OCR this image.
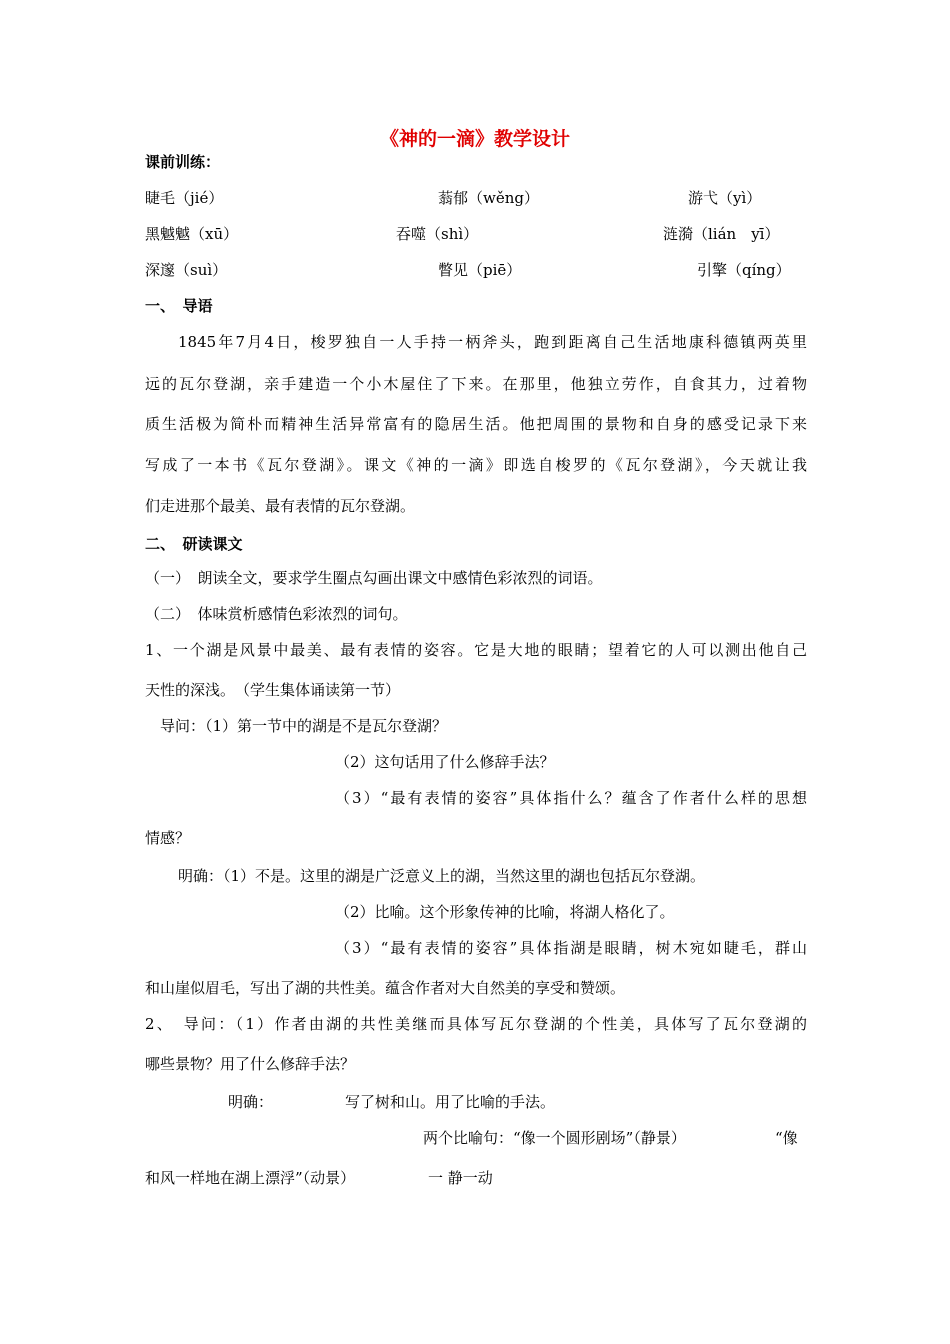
《神的一滴》教学设计
课前训练：
睫毛（jié）	蓊郁（wěng）	游弋（yì）
黑魆魆（xū）	吞噬（shì）	涟漪（lián　yī）
深邃（suì）	瞥见（piē）	引擎（qíng）
一、　导语
1845年7月4日，梭罗独自一人手持一柄斧头，跑到距离自己生活地康科德镇两英里
远的瓦尔登湖，亲手建造一个小木屋住了下来。在那里，他独立劳作，自食其力，过着物
质生活极为简朴而精神生活异常富有的隐居生活。他把周围的景物和自身的感受记录下来
写成了一本书《瓦尔登湖》。课文《神的一滴》即选自梭罗的《瓦尔登湖》，今天就让我
们走进那个最美、最有表情的瓦尔登湖。
二、　研读课文
（一）　朗读全文，要求学生圈点勾画出课文中感情色彩浓烈的词语。
（二）　体味赏析感情色彩浓烈的词句。
1、一个湖是风景中最美、最有表情的姿容。它是大地的眼睛；望着它的人可以测出他自己
天性的深浅。　（学生集体诵读第一节）
导问：（1）第一节中的湖是不是瓦尔登湖？
（2）这句话用了什么修辞手法？
（3）“最有表情的姿容”具体指什么？蕴含了作者什么样的思想
情感？
明确：（1）不是。这里的湖是广泛意义上的湖，当然这里的湖也包括瓦尔登湖。
（2）比喻。这个形象传神的比喻，将湖人格化了。
（3）“最有表情的姿容”具体指湖是眼睛，树木宛如睫毛，群山
和山崖似眉毛，写出了湖的共性美。蕴含作者对大自然美的享受和赞颂。
2、　导问：（1）作者由湖的共性美继而具体写瓦尔登湖的个性美，具体写了瓦尔登湖的
哪些景物？用了什么修辞手法？
明确：	写了树和山。用了比喻的手法。
两个比喻句：“像一个圆形剧场”（静景）	“像
和风一样地在湖上漂浮”（动景）	一 静一动
